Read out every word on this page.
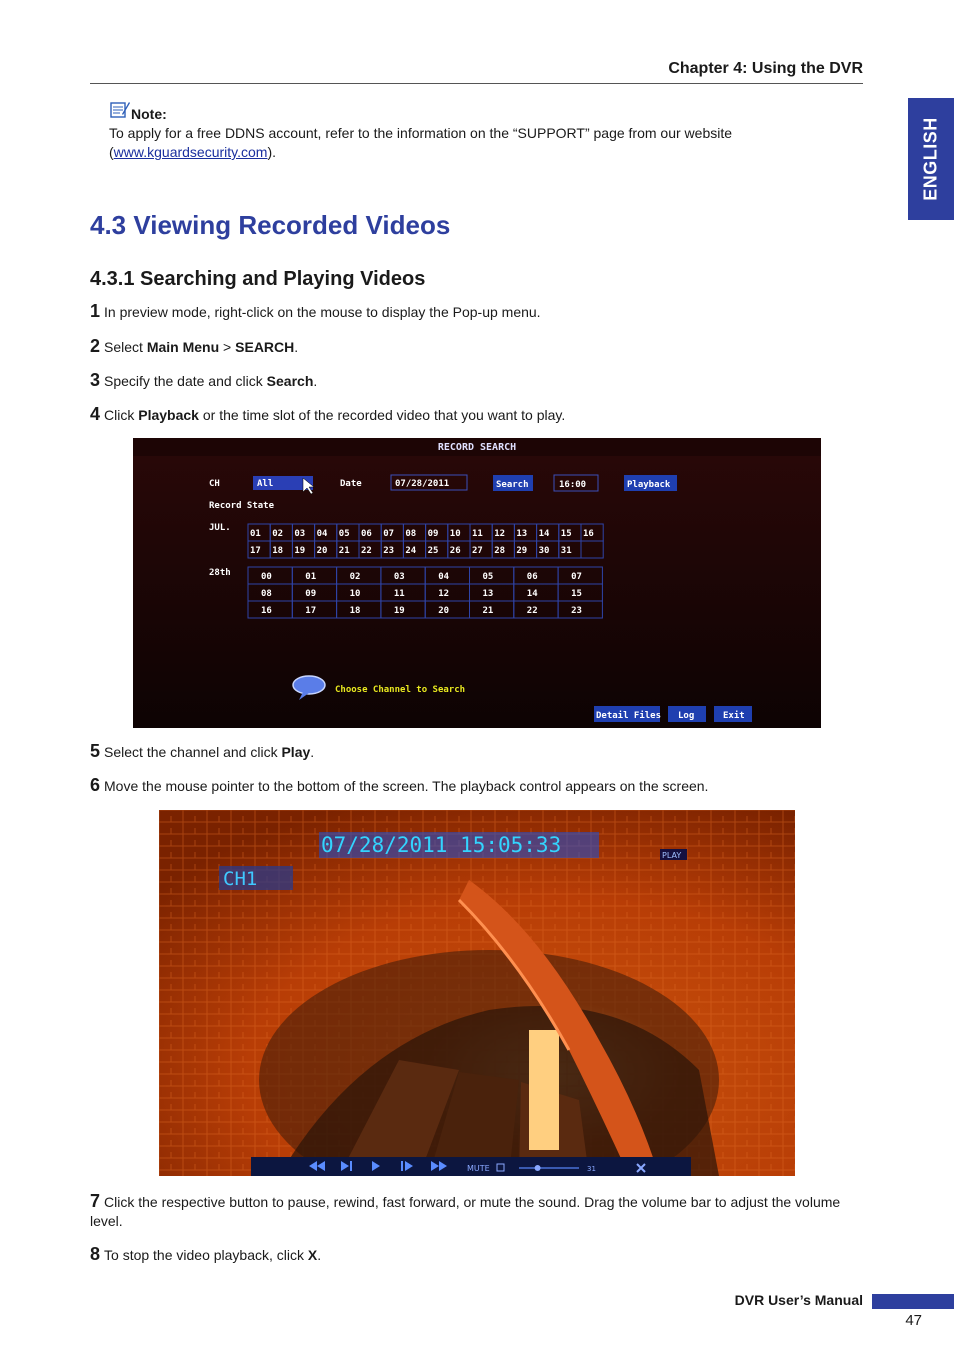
Chapter 4: Using the DVR
ENGLISH
Note:
To apply for a free DDNS account, refer to the information on the “SUPPORT” page from our website (www.kguardsecurity.com).
4.3 Viewing Recorded Videos
4.3.1 Searching and Playing Videos
1 In preview mode, right-click on the mouse to display the Pop-up menu.
2 Select Main Menu > SEARCH.
3 Specify the date and click Search.
4 Click Playback or the time slot of the recorded video that you want to play.
RECORD SEARCH
CH	All	Date	07/28/2011	Search	16:00	Playback
Record State
JUL.
28th
01 02 03 04 05 06 07 08 09 10 11 12 13 14 15 16
17 18 19 20 21 22 23 24 25 26 27 28 29 30 31
00	01	02	03	04	05	06	07
08	09	10	11	12	13	14	15
16	17	18	19	20	21	22	23
Choose Channel to Search
Detail Files Log	Exit
5 Select the channel and click Play.
6 Move the mouse pointer to the bottom of the screen. The playback control appears on the screen.
07/28/2011 15:05:33	PLAY
CH1
MUTE	31
7 Click the respective button to pause, rewind, fast forward, or mute the sound. Drag the volume bar to adjust the volume level.
8 To stop the video playback, click X.
DVR User’s Manual
47
